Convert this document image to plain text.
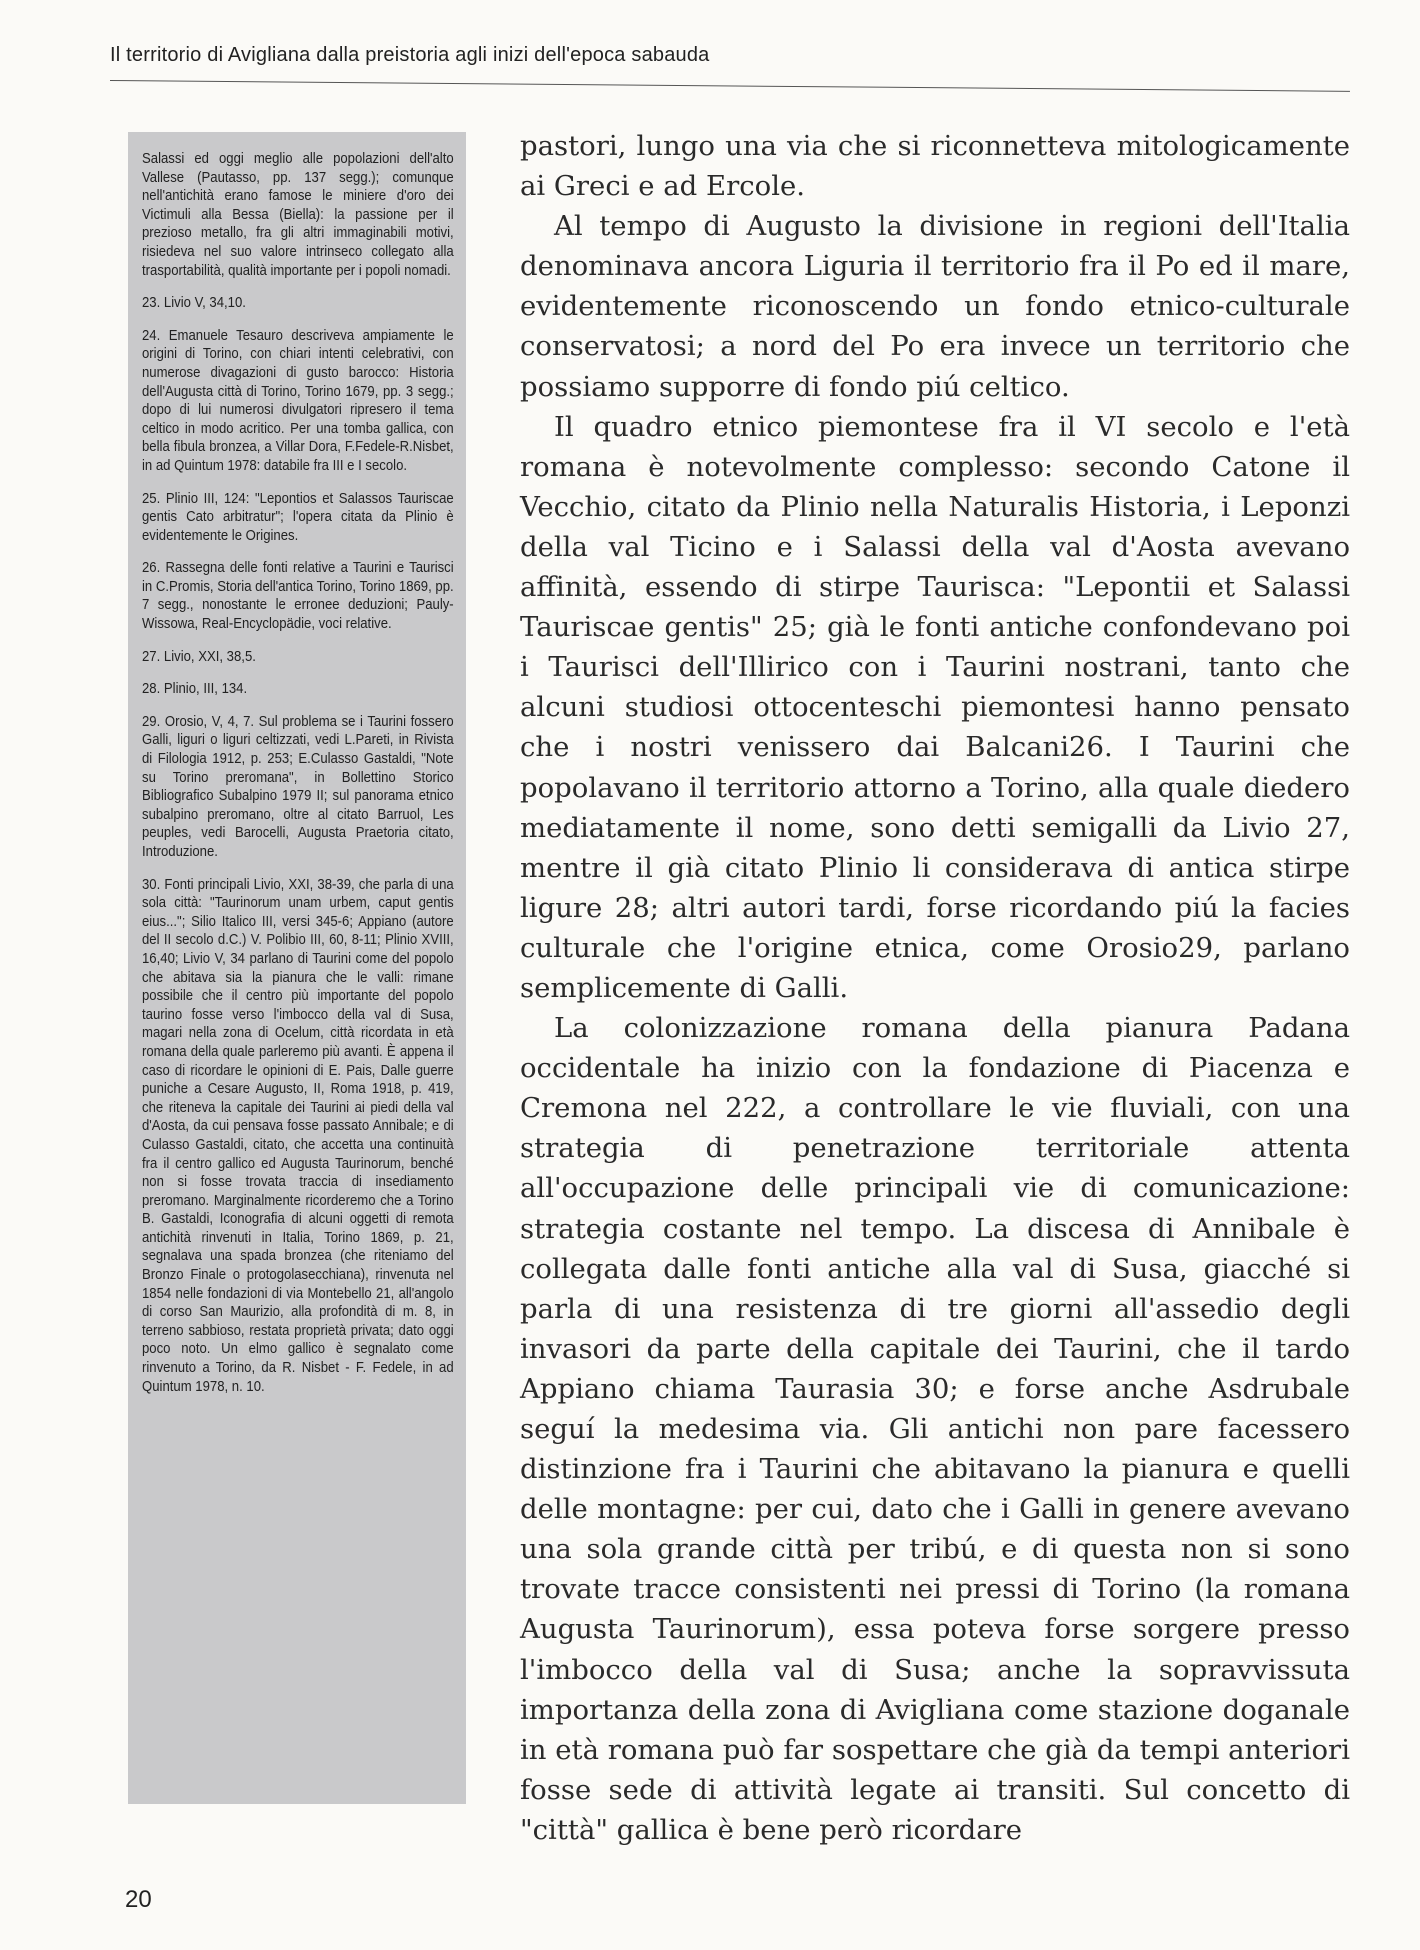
Il territorio di Avigliana dalla preistoria agli inizi dell'epoca sabauda

Salassi ed oggi meglio alle popolazioni dell'alto Vallese (Pautasso, pp. 137 segg.); comunque nell'antichità erano famose le miniere d'oro dei Victimuli alla Bessa (Biella): la passione per il prezioso metallo, fra gli altri immaginabili motivi, risiedeva nel suo valore intrinseco collegato alla trasportabilità, qualità importante per i popoli nomadi.

23. Livio V, 34,10.

24. Emanuele Tesauro descriveva ampiamente le origini di Torino, con chiari intenti celebrativi, con numerose divagazioni di gusto barocco: Historia dell'Augusta città di Torino, Torino 1679, pp. 3 segg.; dopo di lui numerosi divulgatori ripresero il tema celtico in modo acritico. Per una tomba gallica, con bella fibula bronzea, a Villar Dora, F.Fedele-R.Nisbet, in ad Quintum 1978: databile fra III e I secolo.

25. Plinio III, 124: "Lepontios et Salassos Tauriscae gentis Cato arbitratur"; l'opera citata da Plinio è evidentemente le Origines.

26. Rassegna delle fonti relative a Taurini e Taurisci in C.Promis, Storia dell'antica Torino, Torino 1869, pp. 7 segg., nonostante le erronee deduzioni; Pauly-Wissowa, Real-Encyclopädie, voci relative.

27. Livio, XXI, 38,5.

28. Plinio, III, 134.

29. Orosio, V, 4, 7. Sul problema se i Taurini fossero Galli, liguri o liguri celtizzati, vedi L.Pareti, in Rivista di Filologia 1912, p. 253; E.Culasso Gastaldi, "Note su Torino preromana", in Bollettino Storico Bibliografico Subalpino 1979 II; sul panorama etnico subalpino preromano, oltre al citato Barruol, Les peuples, vedi Barocelli, Augusta Praetoria citato, Introduzione.

30. Fonti principali Livio, XXI, 38-39, che parla di una sola città: "Taurinorum unam urbem, caput gentis eius..."; Silio Italico III, versi 345-6; Appiano (autore del II secolo d.C.) V. Polibio III, 60, 8-11; Plinio XVIII, 16,40; Livio V, 34 parlano di Taurini come del popolo che abitava sia la pianura che le valli: rimane possibile che il centro più importante del popolo taurino fosse verso l'imbocco della val di Susa, magari nella zona di Ocelum, città ricordata in età romana della quale parleremo più avanti. È appena il caso di ricordare le opinioni di E. Pais, Dalle guerre puniche a Cesare Augusto, II, Roma 1918, p. 419, che riteneva la capitale dei Taurini ai piedi della val d'Aosta, da cui pensava fosse passato Annibale; e di Culasso Gastaldi, citato, che accetta una continuità fra il centro gallico ed Augusta Taurinorum, benché non si fosse trovata traccia di insediamento preromano. Marginalmente ricorderemo che a Torino B. Gastaldi, Iconografia di alcuni oggetti di remota antichità rinvenuti in Italia, Torino 1869, p. 21, segnalava una spada bronzea (che riteniamo del Bronzo Finale o protogolasecchiana), rinvenuta nel 1854 nelle fondazioni di via Montebello 21, all'angolo di corso San Maurizio, alla profondità di m. 8, in terreno sabbioso, restata proprietà privata; dato oggi poco noto. Un elmo gallico è segnalato come rinvenuto a Torino, da R. Nisbet - F. Fedele, in ad Quintum 1978, n. 10.

pastori, lungo una via che si riconnetteva mitologicamente ai Greci e ad Ercole.

Al tempo di Augusto la divisione in regioni dell'Italia denominava ancora Liguria il territorio fra il Po ed il mare, evidentemente riconoscendo un fondo etnico-culturale conservatosi; a nord del Po era invece un territorio che possiamo supporre di fondo piú celtico.

Il quadro etnico piemontese fra il VI secolo e l'età romana è notevolmente complesso: secondo Catone il Vecchio, citato da Plinio nella Naturalis Historia, i Leponzi della val Ticino e i Salassi della val d'Aosta avevano affinità, essendo di stirpe Taurisca: "Lepontii et Salassi Tauriscae gentis" 25; già le fonti antiche confondevano poi i Taurisci dell'Illirico con i Taurini nostrani, tanto che alcuni studiosi ottocenteschi piemontesi hanno pensato che i nostri venissero dai Balcani26. I Taurini che popolavano il territorio attorno a Torino, alla quale diedero mediatamente il nome, sono detti semigalli da Livio 27, mentre il già citato Plinio li considerava di antica stirpe ligure 28; altri autori tardi, forse ricordando piú la facies culturale che l'origine etnica, come Orosio29, parlano semplicemente di Galli.

La colonizzazione romana della pianura Padana occidentale ha inizio con la fondazione di Piacenza e Cremona nel 222, a controllare le vie fluviali, con una strategia di penetrazione territoriale attenta all'occupazione delle principali vie di comunicazione: strategia costante nel tempo. La discesa di Annibale è collegata dalle fonti antiche alla val di Susa, giacché si parla di una resistenza di tre giorni all'assedio degli invasori da parte della capitale dei Taurini, che il tardo Appiano chiama Taurasia 30; e forse anche Asdrubale seguí la medesima via. Gli antichi non pare facessero distinzione fra i Taurini che abitavano la pianura e quelli delle montagne: per cui, dato che i Galli in genere avevano una sola grande città per tribú, e di questa non si sono trovate tracce consistenti nei pressi di Torino (la romana Augusta Taurinorum), essa poteva forse sorgere presso l'imbocco della val di Susa; anche la sopravvissuta importanza della zona di Avigliana come stazione doganale in età romana può far sospettare che già da tempi anteriori fosse sede di attività legate ai transiti. Sul concetto di "città" gallica è bene però ricordare

20
